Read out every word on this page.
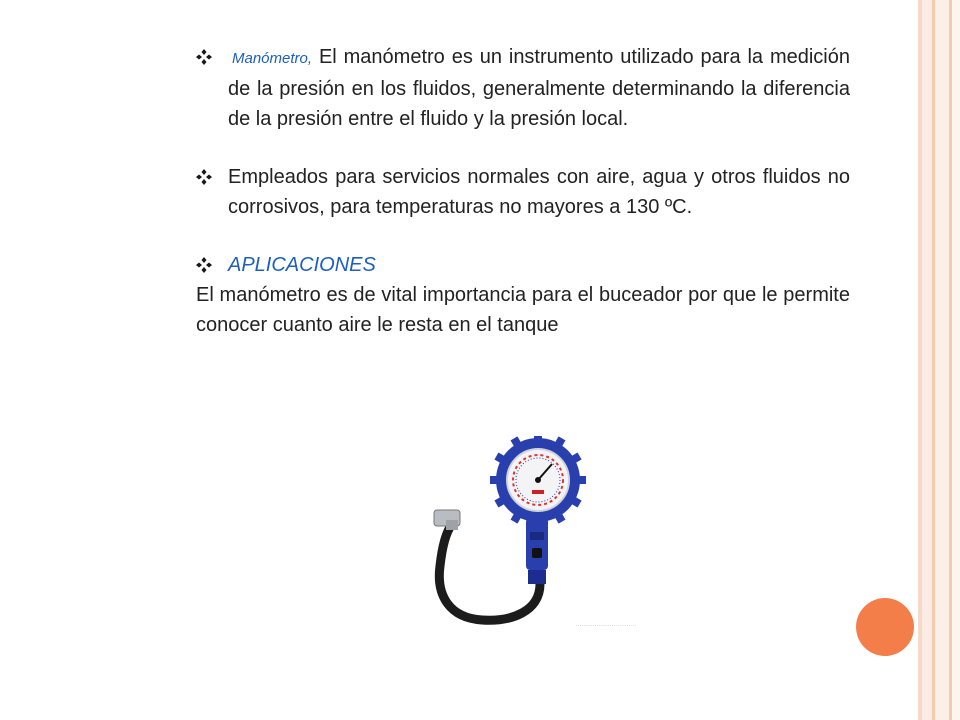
Manómetro, El manómetro es un instrumento utilizado para la medición de la presión en los fluidos, generalmente determinando la diferencia de la presión entre el fluido y la presión local.
Empleados para servicios normales con aire, agua y otros fluidos no corrosivos, para temperaturas no mayores a 130 ºC.
APLICACIONES
El manómetro es de vital importancia para el buceador por que le permite conocer cuanto aire le resta en el tanque
................................
